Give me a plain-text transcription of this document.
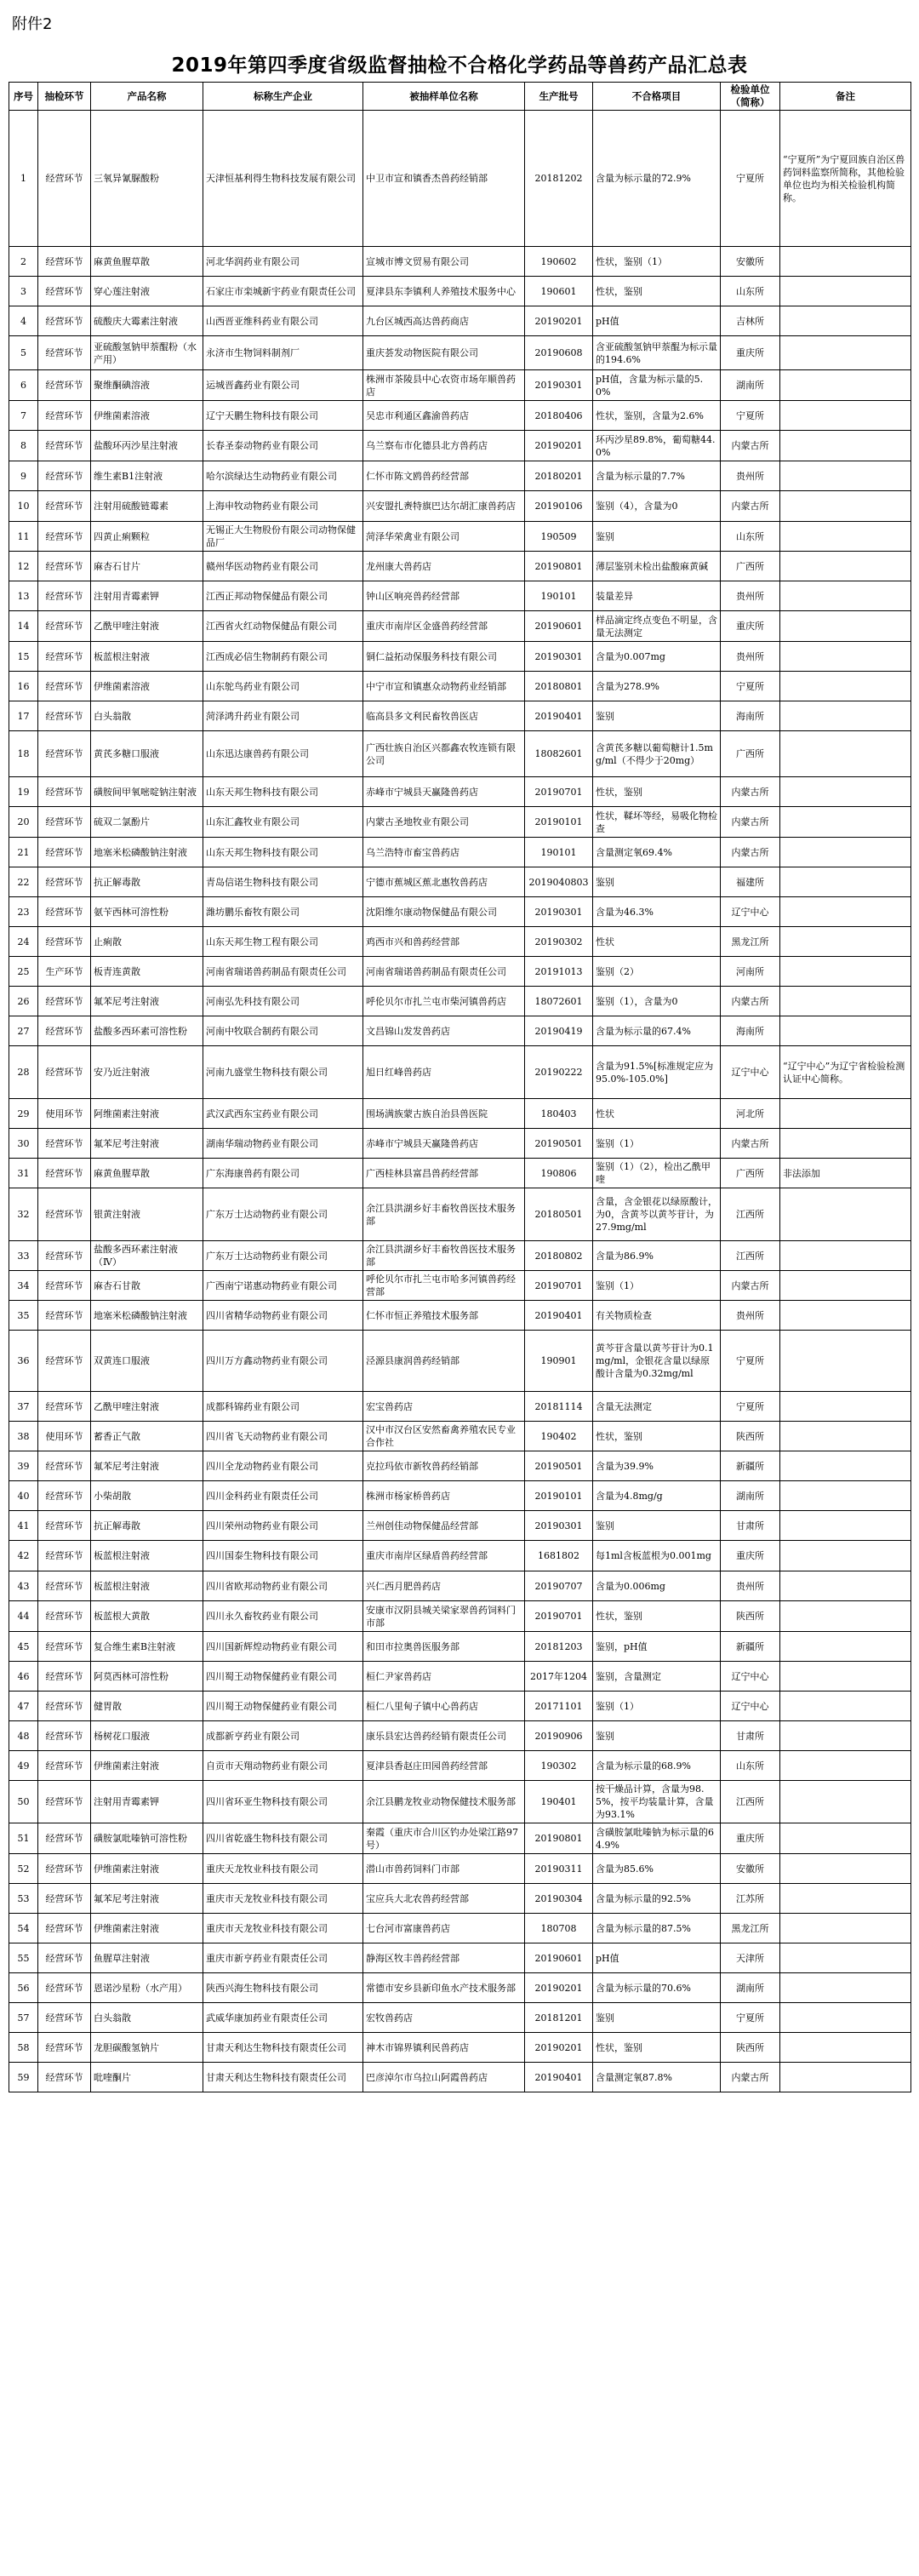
附件2
2019年第四季度省级监督抽检不合格化学药品等兽药产品汇总表
序号	抽检环节	产品名称	标称生产企业	被抽样单位名称	生产批号	不合格项目	检验单位（简称）	备注
1	经营环节	三氧异氰脲酸粉	天津恒基利得生物科技发展有限公司	中卫市宣和镇香杰兽药经销部	20181202	含量为标示量的72.9%	宁夏所	“宁夏所”为宁夏回族自治区兽药饲料监察所简称，其他检验单位也均为相关检验机构简称。
2	经营环节	麻黄鱼腥草散	河北华润药业有限公司	宣城市博文贸易有限公司	190602	性状，鉴别（1）	安徽所	
3	经营环节	穿心莲注射液	石家庄市栾城新宇药业有限责任公司	夏津县东李镇利人养殖技术服务中心	190601	性状，鉴别	山东所	
4	经营环节	硫酸庆大霉素注射液	山西晋亚维科药业有限公司	九台区城西高达兽药商店	20190201	pH值	吉林所	
5	经营环节	亚硫酸氢钠甲萘醌粉（水产用）	永济市生物饲料制剂厂	重庆荟发动物医院有限公司	20190608	含亚硫酸氢钠甲萘醌为标示量的194.6%	重庆所	
6	经营环节	聚维酮碘溶液	运城晋鑫药业有限公司	株洲市茶陵县中心农资市场年顺兽药店	20190301	pH值，含量为标示量的5.0%	湖南所	
7	经营环节	伊维菌素溶液	辽宁天鹏生物科技有限公司	吴忠市利通区鑫渝兽药店	20180406	性状，鉴别，含量为2.6%	宁夏所	
8	经营环节	盐酸环丙沙星注射液	长春圣泰动物药业有限公司	乌兰察布市化德县北方兽药店	20190201	环丙沙星89.8%，葡萄糖44.0%	内蒙古所	
9	经营环节	维生素B1注射液	哈尔滨绿达生动物药业有限公司	仁怀市陈文鸥兽药经营部	20180201	含量为标示量的7.7%	贵州所	
10	经营环节	注射用硫酸链霉素	上海申牧动物药业有限公司	兴安盟扎赉特旗巴达尔胡汇康兽药店	20190106	鉴别（4），含量为0	内蒙古所	
11	经营环节	四黄止痢颗粒	无锡正大生物股份有限公司动物保健品厂	菏泽华荣禽业有限公司	190509	鉴别	山东所	
12	经营环节	麻杏石甘片	赣州华医动物药业有限公司	龙州康大兽药店	20190801	薄层鉴别未检出盐酸麻黄碱	广西所	
13	经营环节	注射用青霉素钾	江西正邦动物保健品有限公司	钟山区响亮兽药经营部	190101	装量差异	贵州所	
14	经营环节	乙酰甲喹注射液	江西省火红动物保健品有限公司	重庆市南岸区金盛兽药经营部	20190601	样品滴定终点变色不明显，含量无法测定	重庆所	
15	经营环节	板蓝根注射液	江西成必信生物制药有限公司	铜仁益拓动保服务科技有限公司	20190301	含量为0.007mg	贵州所	
16	经营环节	伊维菌素溶液	山东鸵鸟药业有限公司	中宁市宣和镇惠众动物药业经销部	20180801	含量为278.9%	宁夏所	
17	经营环节	白头翁散	菏泽鸿升药业有限公司	临高县多文利民畜牧兽医店	20190401	鉴别	海南所	
18	经营环节	黄芪多糖口服液	山东迅达康兽药有限公司	广西壮族自治区兴都鑫农牧连锁有限公司	18082601	含黄芪多糖以葡萄糖计1.5mg/ml（不得少于20mg）	广西所	
19	经营环节	磺胺间甲氧嘧啶钠注射液	山东天邦生物科技有限公司	赤峰市宁城县天赢隆兽药店	20190701	性状，鉴别	内蒙古所	
20	经营环节	硫双二氯酚片	山东汇鑫牧业有限公司	内蒙古圣地牧业有限公司	20190101	性状，鞣坏等经，易吸化物检查	内蒙古所	
21	经营环节	地塞米松磷酸钠注射液	山东天邦生物科技有限公司	乌兰浩特市畜宝兽药店	190101	含量测定氧69.4%	内蒙古所	
22	经营环节	抗正解毒散	青岛信诺生物科技有限公司	宁德市蕉城区蕉北惠牧兽药店	2019040803	鉴别	福建所	
23	经营环节	氨苄西林可溶性粉	潍坊鹏乐畜牧有限公司	沈阳维尔康动物保健品有限公司	20190301	含量为46.3%	辽宁中心	
24	经营环节	止痢散	山东天邦生物工程有限公司	鸡西市兴和兽药经营部	20190302	性状	黑龙江所	
25	生产环节	板青连黄散	河南省瑞诺兽药制品有限责任公司	河南省瑞诺兽药制品有限责任公司	20191013	鉴别（2）	河南所	
26	经营环节	氟苯尼考注射液	河南弘先科技有限公司	呼伦贝尔市扎兰屯市柴河镇兽药店	18072601	鉴别（1），含量为0	内蒙古所	
27	经营环节	盐酸多西环素可溶性粉	河南中牧联合制药有限公司	文昌锦山发发兽药店	20190419	含量为标示量的67.4%	海南所	
28	经营环节	安乃近注射液	河南九盛堂生物科技有限公司	旭日红峰兽药店	20190222	含量为91.5%[标准规定应为95.0%-105.0%]	辽宁中心	“辽宁中心”为辽宁省检验检测认证中心简称。
29	使用环节	阿维菌素注射液	武汉武西东宝药业有限公司	围场满族蒙古族自治县兽医院	180403	性状	河北所	
30	经营环节	氟苯尼考注射液	湖南华瑞动物药业有限公司	赤峰市宁城县天赢隆兽药店	20190501	鉴别（1）	内蒙古所	
31	经营环节	麻黄鱼腥草散	广东海康兽药有限公司	广西桂林县富昌兽药经营部	190806	鉴别（1）（2），检出乙酰甲喹	广西所	非法添加
32	经营环节	银黄注射液	广东万士达动物药业有限公司	余江县洪湖乡好丰畜牧兽医技术服务部	20180501	含量，含金银花以绿原酸计，为0，含黄芩以黄芩苷计，为27.9mg/ml	江西所	
33	经营环节	盐酸多西环素注射液（Ⅳ）	广东万士达动物药业有限公司	余江县洪湖乡好丰畜牧兽医技术服务部	20180802	含量为86.9%	江西所	
34	经营环节	麻杏石甘散	广西南宁诺惠动物药业有限公司	呼伦贝尔市扎兰屯市哈多河镇兽药经营部	20190701	鉴别（1）	内蒙古所	
35	经营环节	地塞米松磷酸钠注射液	四川省精华动物药业有限公司	仁怀市恒正养殖技术服务部	20190401	有关物质检查	贵州所	
36	经营环节	双黄连口服液	四川万方鑫动物药业有限公司	泾源县康润兽药经销部	190901	黄芩苷含量以黄芩苷计为0.1mg/ml，金银花含量以绿原酸计含量为0.32mg/ml	宁夏所	
37	经营环节	乙酰甲喹注射液	成都科锦药业有限公司	宏宝兽药店	20181114	含量无法测定	宁夏所	
38	使用环节	蓄香正气散	四川省飞天动物药业有限公司	汉中市汉台区安然畜禽养殖农民专业合作社	190402	性状，鉴别	陕西所	
39	经营环节	氟苯尼考注射液	四川全龙动物药业有限公司	克拉玛依市新牧兽药经销部	20190501	含量为39.9%	新疆所	
40	经营环节	小柴胡散	四川金科药业有限责任公司	株洲市杨家桥兽药店	20190101	含量为4.8mg/g	湖南所	
41	经营环节	抗正解毒散	四川荣州动物药业有限公司	兰州创佳动物保健品经营部	20190301	鉴别	甘肃所	
42	经营环节	板蓝根注射液	四川国泰生物科技有限公司	重庆市南岸区绿盾兽药经营部	1681802	每1ml含板蓝根为0.001mg	重庆所	
43	经营环节	板蓝根注射液	四川省欧邦动物药业有限公司	兴仁西月肥兽药店	20190707	含量为0.006mg	贵州所	
44	经营环节	板蓝根大黄散	四川永久畜牧药业有限公司	安康市汉阴县城关梁家翠兽药饲料门市部	20190701	性状，鉴别	陕西所	
45	经营环节	复合维生素B注射液	四川国新辉煌动物药业有限公司	和田市拉奥兽医服务部	20181203	鉴别，pH值	新疆所	
46	经营环节	阿莫西林可溶性粉	四川蜀王动物保健药业有限公司	桓仁尹家兽药店	2017年1204	鉴别，含量测定	辽宁中心	
47	经营环节	健胃散	四川蜀王动物保健药业有限公司	桓仁八里甸子镇中心兽药店	20171101	鉴别（1）	辽宁中心	
48	经营环节	杨树花口服液	成都新亨药业有限公司	康乐县宏达兽药经销有限责任公司	20190906	鉴别	甘肃所	
49	经营环节	伊维菌素注射液	自贡市天翔动物药业有限公司	夏津县香赵庄田园兽药经营部	190302	含量为标示量的68.9%	山东所	
50	经营环节	注射用青霉素钾	四川省环亚生物科技有限公司	余江县鹏龙牧业动物保健技术服务部	190401	按干燥品计算，含量为98.5%，按平均装量计算，含量为93.1%	江西所	
51	经营环节	磺胺氯吡嗪钠可溶性粉	四川省乾盛生物科技有限公司	秦霞（重庆市合川区钓办处梁江路97号）	20190801	含磺胺氯吡嗪钠为标示量的64.9%	重庆所	
52	经营环节	伊维菌素注射液	重庆天龙牧业科技有限公司	潜山市兽药饲料门市部	20190311	含量为85.6%	安徽所	
53	经营环节	氟苯尼考注射液	重庆市天龙牧业科技有限公司	宝应兵大北农兽药经营部	20190304	含量为标示量的92.5%	江苏所	
54	经营环节	伊维菌素注射液	重庆市天龙牧业科技有限公司	七台河市富康兽药店	180708	含量为标示量的87.5%	黑龙江所	
55	经营环节	鱼腥草注射液	重庆市新亨药业有限责任公司	静海区牧丰兽药经营部	20190601	pH值	天津所	
56	经营环节	恩诺沙星粉（水产用）	陕西兴海生物科技有限公司	常德市安乡县新印鱼水产技术服务部	20190201	含量为标示量的70.6%	湖南所	
57	经营环节	白头翁散	武威华康加药业有限责任公司	宏牧兽药店	20181201	鉴别	宁夏所	
58	经营环节	龙胆碳酸氢钠片	甘肃天利达生物科技有限责任公司	神木市锦界镇利民兽药店	20190201	性状，鉴别	陕西所	
59	经营环节	吡喹酮片	甘肃天利达生物科技有限责任公司	巴彦淖尔市乌拉山阿霞兽药店	20190401	含量测定氧87.8%	内蒙古所	
